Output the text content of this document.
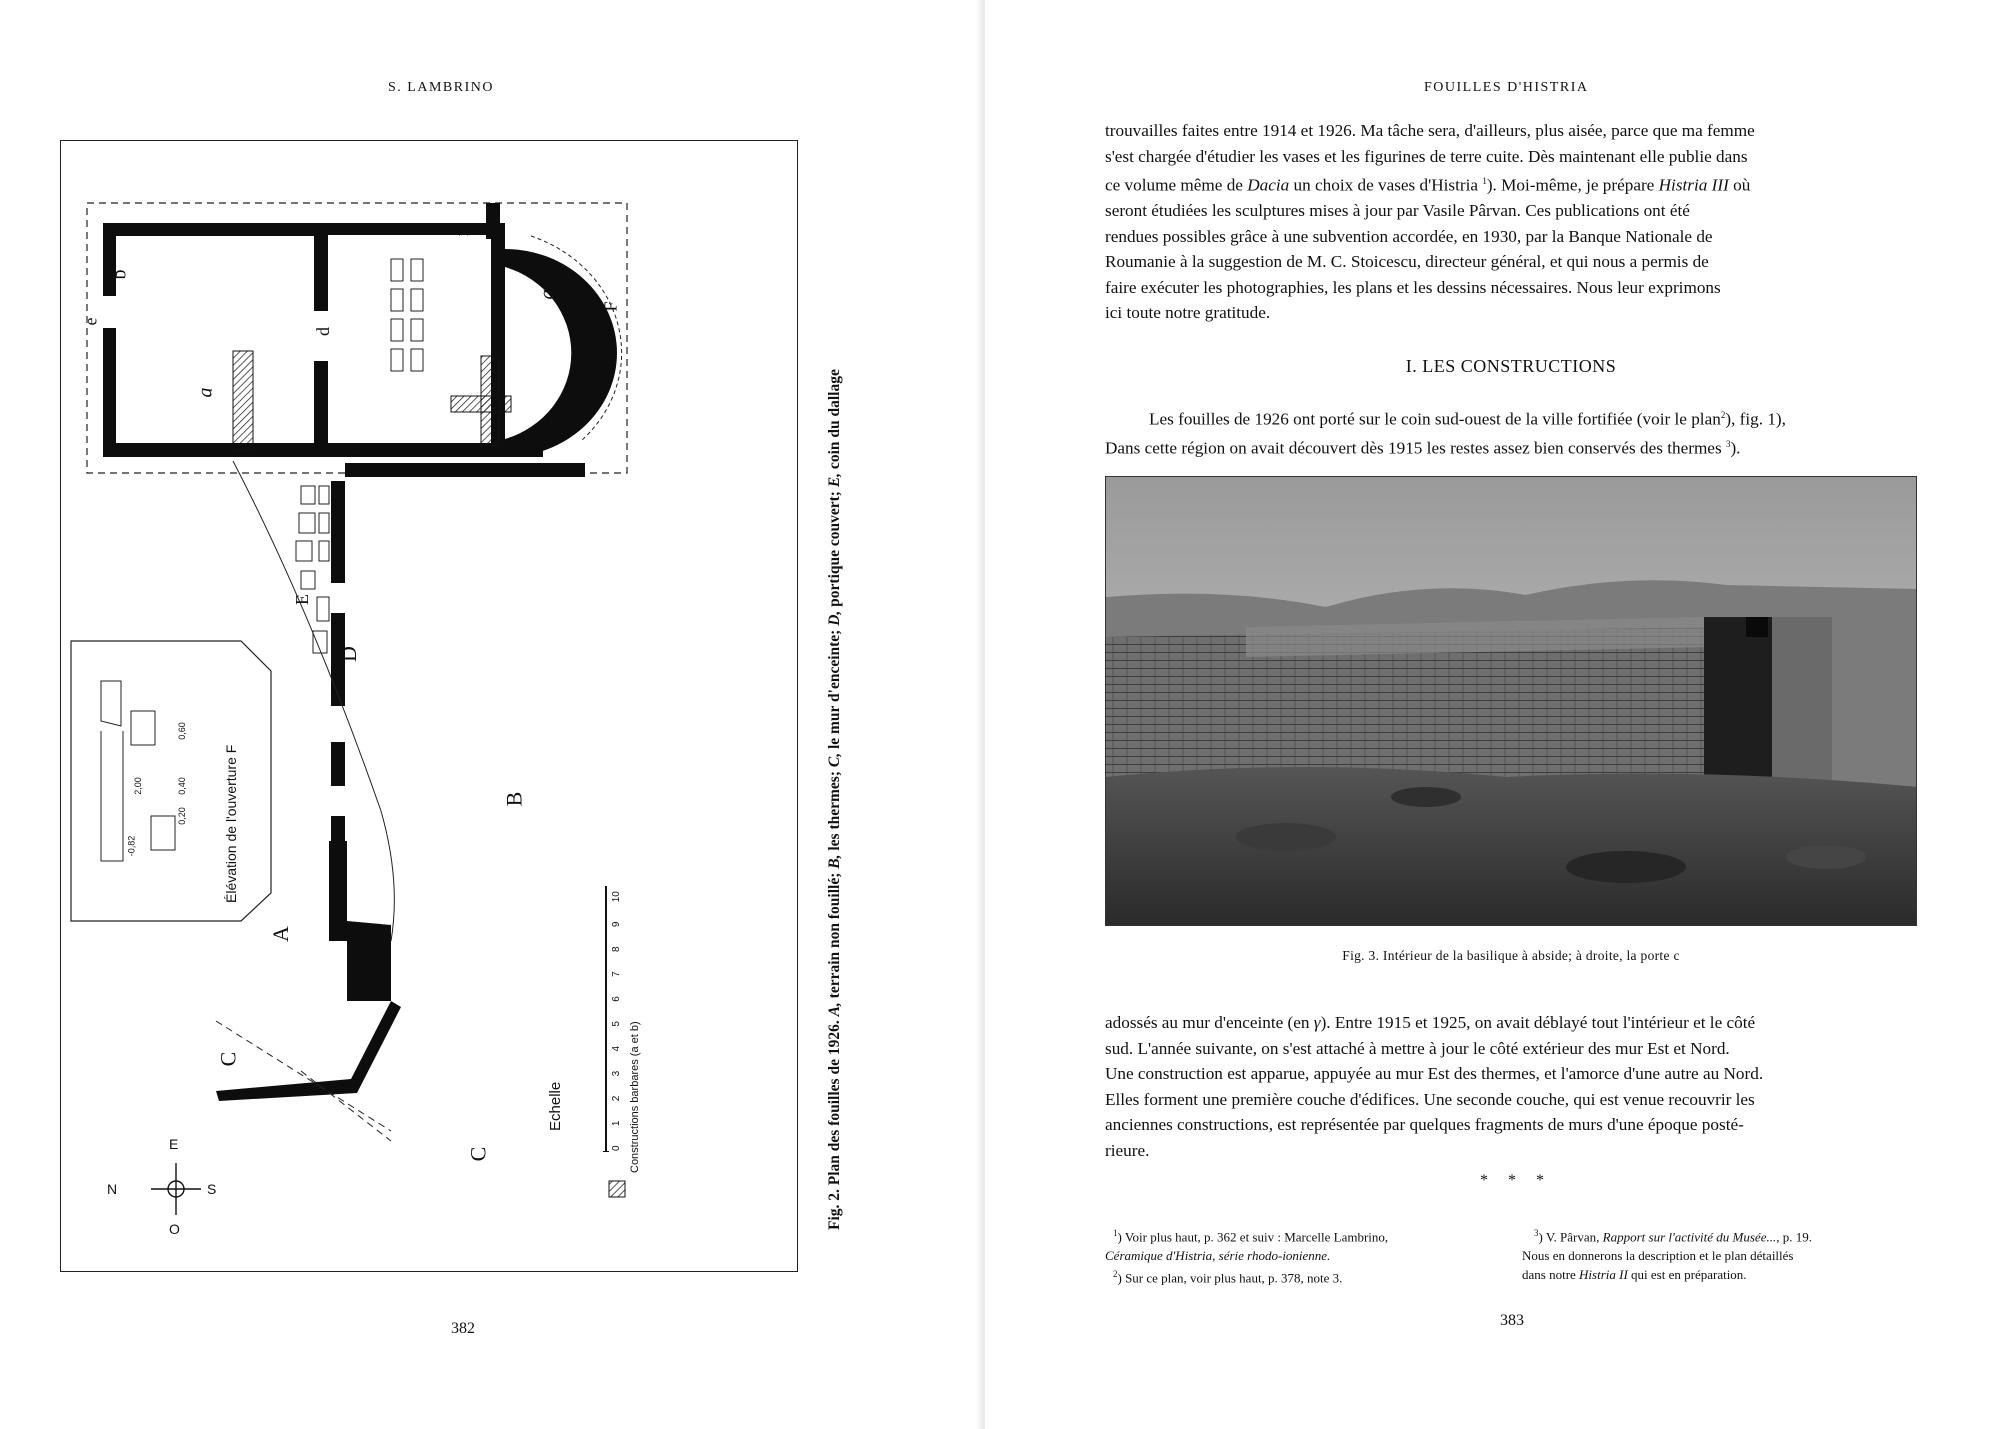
S. LAMBRINO
A
B
C
C
D
E
F
a
a
b
c
d
e
f
Echelle
0
1
2
3
4
5
6
7
8
9
10
Constructions barbares (a et b)
N
E
S
O
Élévation de l'ouverture F
0,60
2,00	0,40
0,20
-0,82
Fig. 2. Plan des fouilles de 1926. A, terrain non fouillé; B, les thermes; C, le mur d'enceinte; D, portique couvert; E, coin du dallage
382
FOUILLES D'HISTRIA

trouvailles faites entre 1914 et 1926. Ma tâche sera, d'ailleurs, plus aisée, parce que ma femme

s'est chargée d'étudier les vases et les figurines de terre cuite. Dès maintenant elle publie dans

ce volume même de Dacia un choix de vases d'Histria $^1$). Moi-même, je prépare Histria III où

seront étudiées les sculptures mises à jour par Vasile Pârvan. Ces publications ont été

rendues possibles grâce à une subvention accordée, en 1930, par la Banque Nationale de

Roumanie à la suggestion de M. C. Stoicescu, directeur général, et qui nous a permis de

faire exécuter les photographies, les plans et les dessins nécessaires. Nous leur exprimons

ici toute notre gratitude.

I. LES CONSTRUCTIONS

Les fouilles de 1926 ont porté sur le coin sud-ouest de la ville fortifiée (voir le plan$^2$), fig. 1),

Dans cette région on avait découvert dès 1915 les restes assez bien conservés des thermes $^3$).

Fig. 3. Intérieur de la basilique à abside; à droite, la porte c

adossés au mur d'enceinte (en γ). Entre 1915 et 1925, on avait déblayé tout l'intérieur et le côté

sud. L'année suivante, on s'est attaché à mettre à jour le côté extérieur des mur Est et Nord.

Une construction est apparue, appuyée au mur Est des thermes, et l'amorce d'une autre au Nord.

Elles forment une première couche d'édifices. Une seconde couche, qui est venue recouvrir les

anciennes constructions, est représentée par quelques fragments de murs d'une époque posté-

rieure.

* * *

$^1$) Voir plus haut, p. 362 et suiv : Marcelle Lambrino,

Céramique d'Histria, série rhodo-ionienne.

$^2$) Sur ce plan, voir plus haut, p. 378, note 3.

$^3$) V. Pârvan, Rapport sur l'activité du Musée..., p. 19.

Nous en donnerons la description et le plan détaillés

dans notre Histria II qui est en préparation.

383
